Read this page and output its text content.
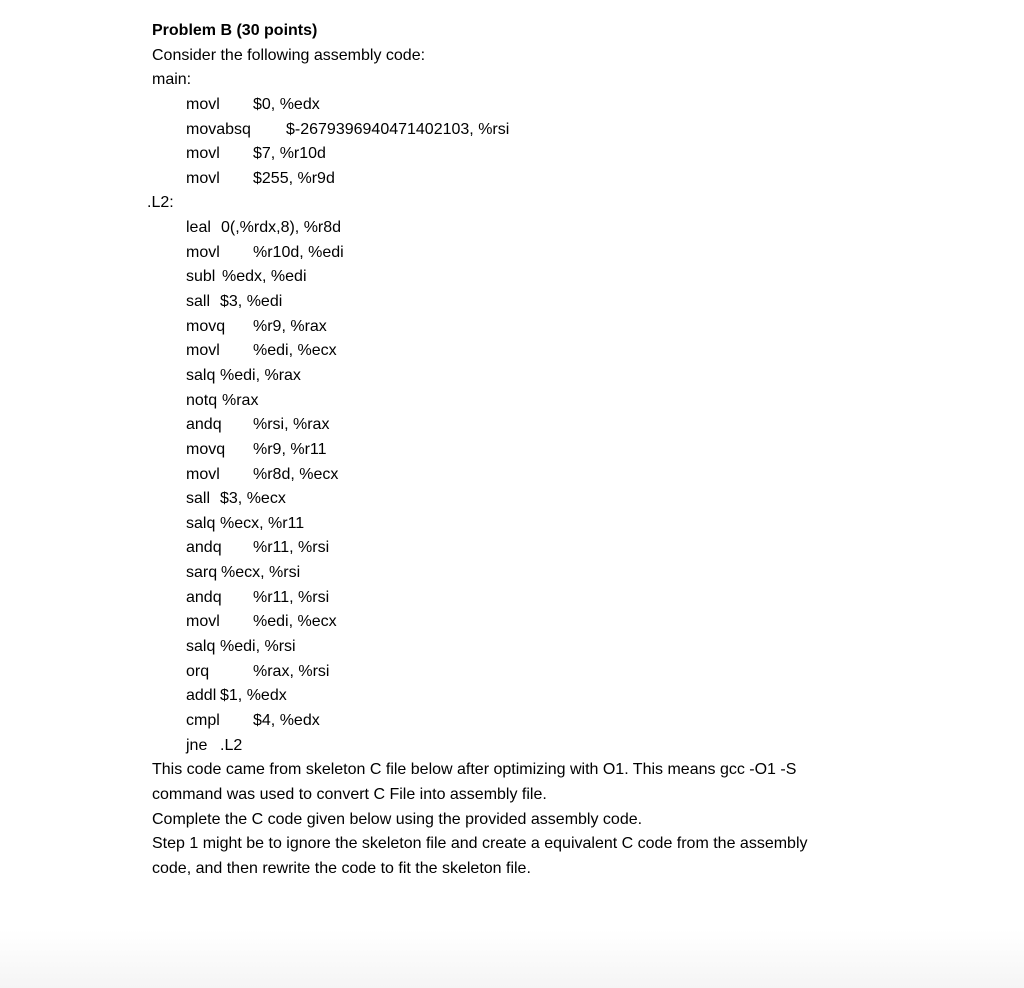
Problem B (30 points)
Consider the following assembly code:
main:
movl $0, %edx
movabsq $-2679396940471402103, %rsi
movl $7, %r10d
movl $255, %r9d
.L2:
leal 0(,%rdx,8), %r8d
movl %r10d, %edi
subl %edx, %edi
sall $3, %edi
movq %r9, %rax
movl %edi, %ecx
salq %edi, %rax
notq %rax
andq %rsi, %rax
movq %r9, %r11
movl %r8d, %ecx
sall $3, %ecx
salq %ecx, %r11
andq %r11, %rsi
sarq %ecx, %rsi
andq %r11, %rsi
movl %edi, %ecx
salq %edi, %rsi
orq	%rax, %rsi
addl $1, %edx
cmpl $4, %edx
jne .L2
This code came from skeleton C file below after optimizing with O1. This means gcc -O1 -S
command was used to convert C File into assembly file.
Complete the C code given below using the provided assembly code.
Step 1 might be to ignore the skeleton file and create a equivalent C code from the assembly
code, and then rewrite the code to fit the skeleton file.
